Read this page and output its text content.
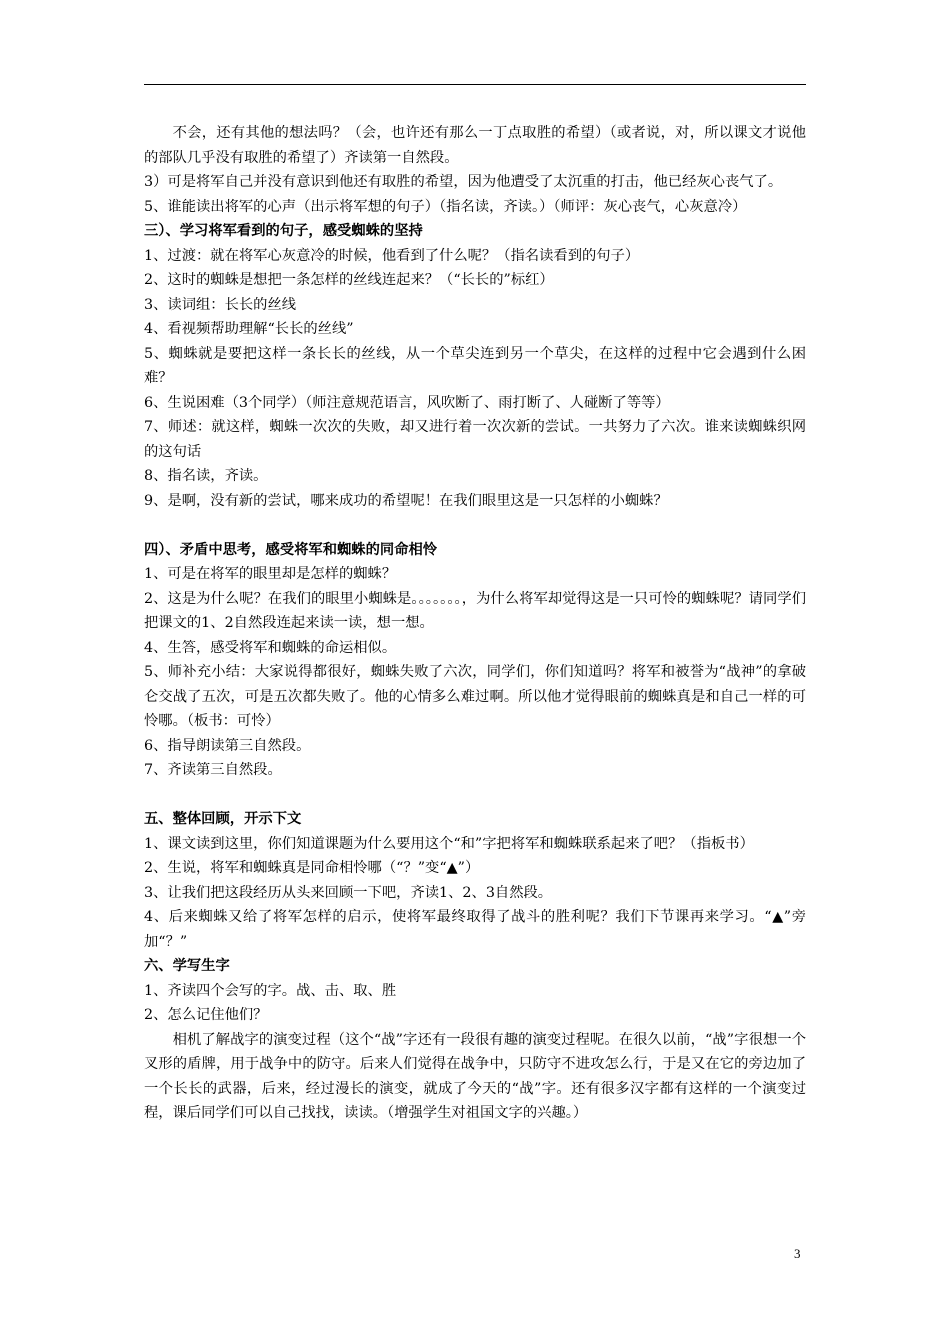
不会，还有其他的想法吗？（会，也许还有那么一丁点取胜的希望）（或者说，对，所以课文才说他的部队几乎没有取胜的希望了）齐读第一自然段。

3）可是将军自己并没有意识到他还有取胜的希望，因为他遭受了太沉重的打击，他已经灰心丧气了。

5、谁能读出将军的心声（出示将军想的句子）（指名读，齐读。）（师评：灰心丧气，心灰意冷）

三）、学习将军看到的句子，感受蜘蛛的坚持

1、过渡：就在将军心灰意冷的时候，他看到了什么呢？（指名读看到的句子）

2、这时的蜘蛛是想把一条怎样的丝线连起来？（“长长的”标红）

3、读词组：长长的丝线

4、看视频帮助理解“长长的丝线”

5、蜘蛛就是要把这样一条长长的丝线，从一个草尖连到另一个草尖，在这样的过程中它会遇到什么困难？

6、生说困难（3个同学）（师注意规范语言，风吹断了、雨打断了、人碰断了等等）

7、师述：就这样，蜘蛛一次次的失败，却又进行着一次次新的尝试。一共努力了六次。谁来读蜘蛛织网的这句话

8、指名读，齐读。

9、是啊，没有新的尝试，哪来成功的希望呢！在我们眼里这是一只怎样的小蜘蛛？

四）、矛盾中思考，感受将军和蜘蛛的同命相怜

1、可是在将军的眼里却是怎样的蜘蛛？

2、这是为什么呢？在我们的眼里小蜘蛛是。。。。。。。，为什么将军却觉得这是一只可怜的蜘蛛呢？请同学们把课文的1、2自然段连起来读一读，想一想。

4、生答，感受将军和蜘蛛的命运相似。

5、师补充小结：大家说得都很好，蜘蛛失败了六次，同学们，你们知道吗？将军和被誉为“战神”的拿破仑交战了五次，可是五次都失败了。他的心情多么难过啊。所以他才觉得眼前的蜘蛛真是和自己一样的可怜哪。（板书：可怜）

6、指导朗读第三自然段。

7、齐读第三自然段。

五、整体回顾，开示下文

1、课文读到这里，你们知道课题为什么要用这个“和”字把将军和蜘蛛联系起来了吧？（指板书）

2、生说，将军和蜘蛛真是同命相怜哪（“？”变“▲”）

3、让我们把这段经历从头来回顾一下吧，齐读1、2、3自然段。

4、后来蜘蛛又给了将军怎样的启示，使将军最终取得了战斗的胜利呢？我们下节课再来学习。“▲”旁加“？”

六、学写生字

1、齐读四个会写的字。战、击、取、胜

2、怎么记住他们？

相机了解战字的演变过程（这个“战”字还有一段很有趣的演变过程呢。在很久以前，“战”字很想一个叉形的盾牌，用于战争中的防守。后来人们觉得在战争中，只防守不进攻怎么行，于是又在它的旁边加了一个长长的武器，后来，经过漫长的演变，就成了今天的“战”字。还有很多汉字都有这样的一个演变过程，课后同学们可以自己找找，读读。（增强学生对祖国文字的兴趣。）

3
